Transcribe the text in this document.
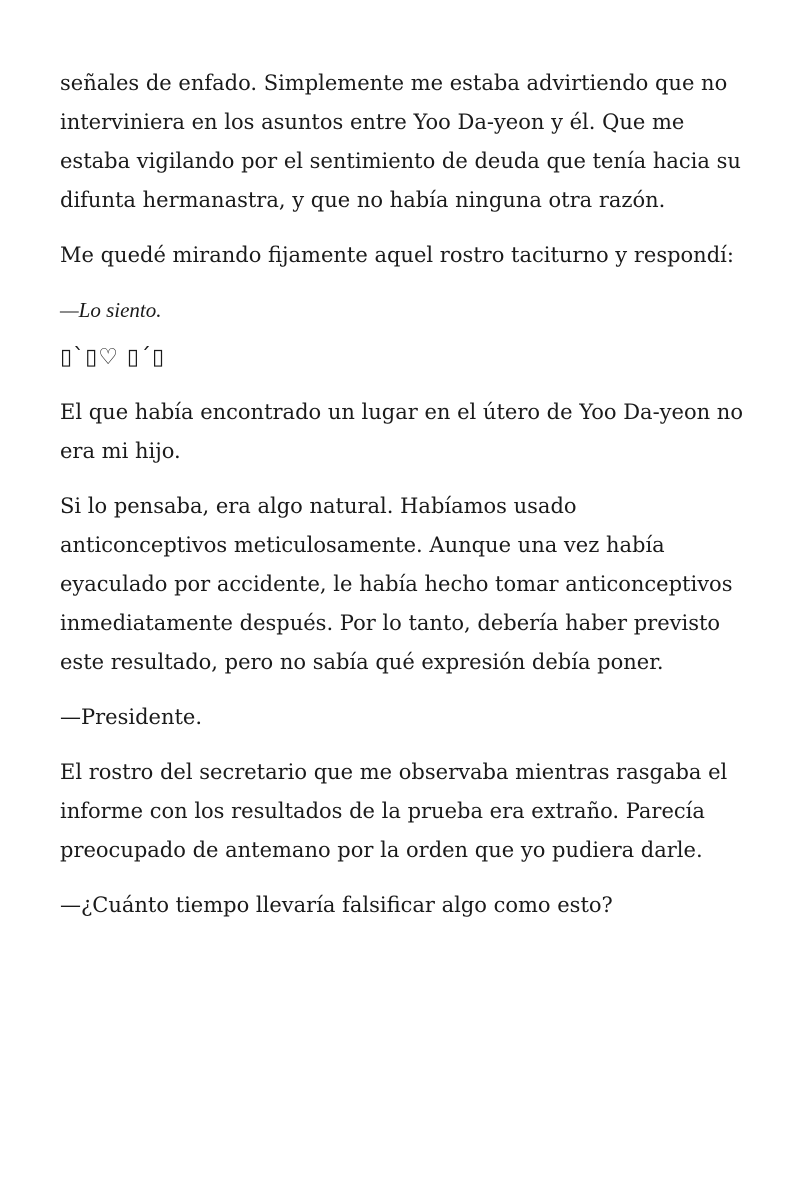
señales de enfado. Simplemente me estaba advirtiendo que no interviniera en los asuntos entre Yoo Da-yeon y él. Que me estaba vigilando por el sentimiento de deuda que tenía hacia su difunta hermanastra, y que no había ninguna otra razón.

Me quedé mirando fijamente aquel rostro taciturno y respondí:

—Lo siento.

▯`▯♡ ▯´▯

El que había encontrado un lugar en el útero de Yoo Da-yeon no era mi hijo.

Si lo pensaba, era algo natural. Habíamos usado anticonceptivos meticulosamente. Aunque una vez había eyaculado por accidente, le había hecho tomar anticonceptivos inmediatamente después. Por lo tanto, debería haber previsto este resultado, pero no sabía qué expresión debía poner.

—Presidente.

El rostro del secretario que me observaba mientras rasgaba el informe con los resultados de la prueba era extraño. Parecía preocupado de antemano por la orden que yo pudiera darle.

—¿Cuánto tiempo llevaría falsificar algo como esto?
